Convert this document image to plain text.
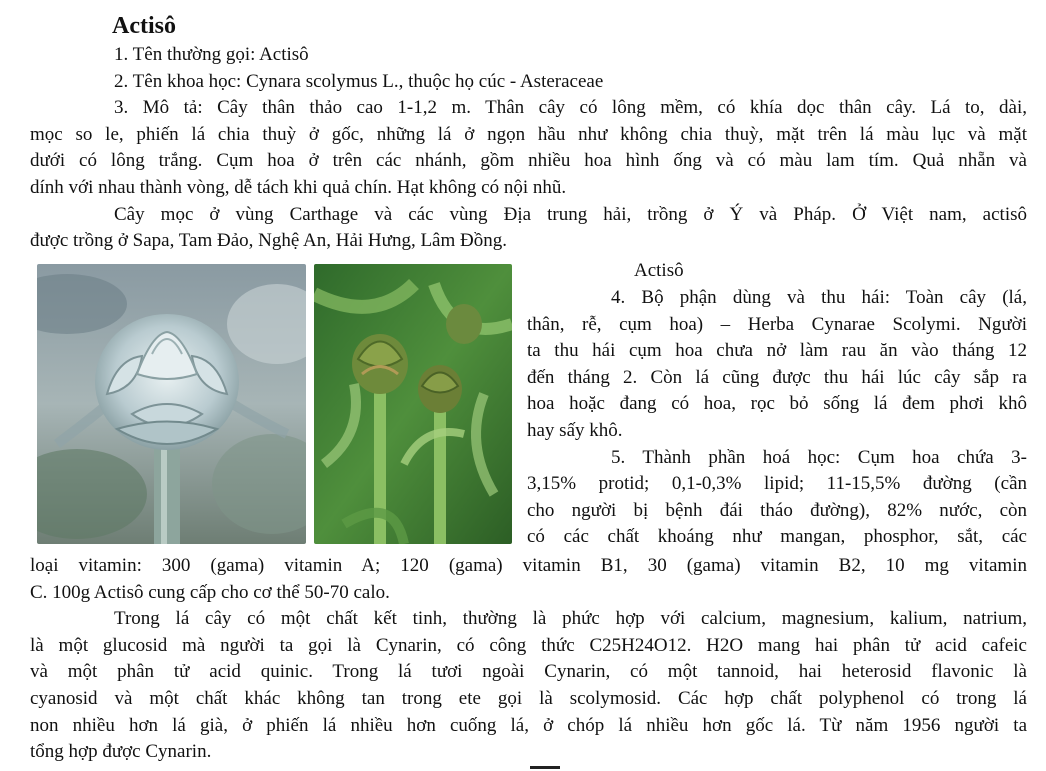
Actisô

1. Tên thường gọi: Actisô

2. Tên khoa học: Cynara scolymus L., thuộc họ cúc - Asteraceae

3. Mô tả: Cây thân thảo cao 1-1,2 m. Thân cây có lông mềm, có khía dọc thân cây. Lá to, dài,

mọc so le, phiến lá chia thuỳ ở gốc, những lá ở ngọn hầu như không chia thuỳ, mặt trên lá màu lục và mặt

dưới có lông trắng. Cụm hoa ở trên các nhánh, gồm nhiều hoa hình ống và có màu lam tím. Quả nhẵn và

dính với nhau thành vòng, dễ tách khi quả chín. Hạt không có nội nhũ.

Cây mọc ở vùng Carthage và các vùng Địa trung hải, trồng ở Ý và Pháp. Ở Việt nam, actisô

được trồng ở Sapa, Tam Đảo, Nghệ An, Hải Hưng, Lâm Đồng.

Actisô

4. Bộ phận dùng và thu hái: Toàn cây (lá,

thân, rễ, cụm hoa) – Herba Cynarae Scolymi. Người

ta thu hái cụm hoa chưa nở làm rau ăn vào tháng 12

đến tháng 2. Còn lá cũng được thu hái lúc cây sắp ra

hoa hoặc đang có hoa, rọc bỏ sống lá đem phơi khô

hay sấy khô.

5. Thành phần hoá học: Cụm hoa chứa 3-

3,15% protid; 0,1-0,3% lipid; 11-15,5% đường (cần

cho người bị bệnh đái tháo đường), 82% nước, còn

có các chất khoáng như mangan, phosphor, sắt, các

loại vitamin: 300 (gama) vitamin A; 120 (gama) vitamin B1, 30 (gama) vitamin B2, 10 mg vitamin

C. 100g Actisô cung cấp cho cơ thể 50-70 calo.

Trong lá cây có một chất kết tinh, thường là phức hợp với calcium, magnesium, kalium, natrium,

là một glucosid mà người ta gọi là Cynarin, có công thức C25H24O12. H2O mang hai phân tử acid cafeic

và một phân tử acid quinic. Trong lá tươi ngoài Cynarin, có một tannoid, hai heterosid flavonic là

cyanosid và một chất khác không tan trong ete gọi là scolymosid. Các hợp chất polyphenol có trong lá

non nhiều hơn lá già, ở phiến lá nhiều hơn cuống lá, ở chóp lá nhiều hơn gốc lá. Từ năm 1956 người ta

tổng hợp được Cynarin.
